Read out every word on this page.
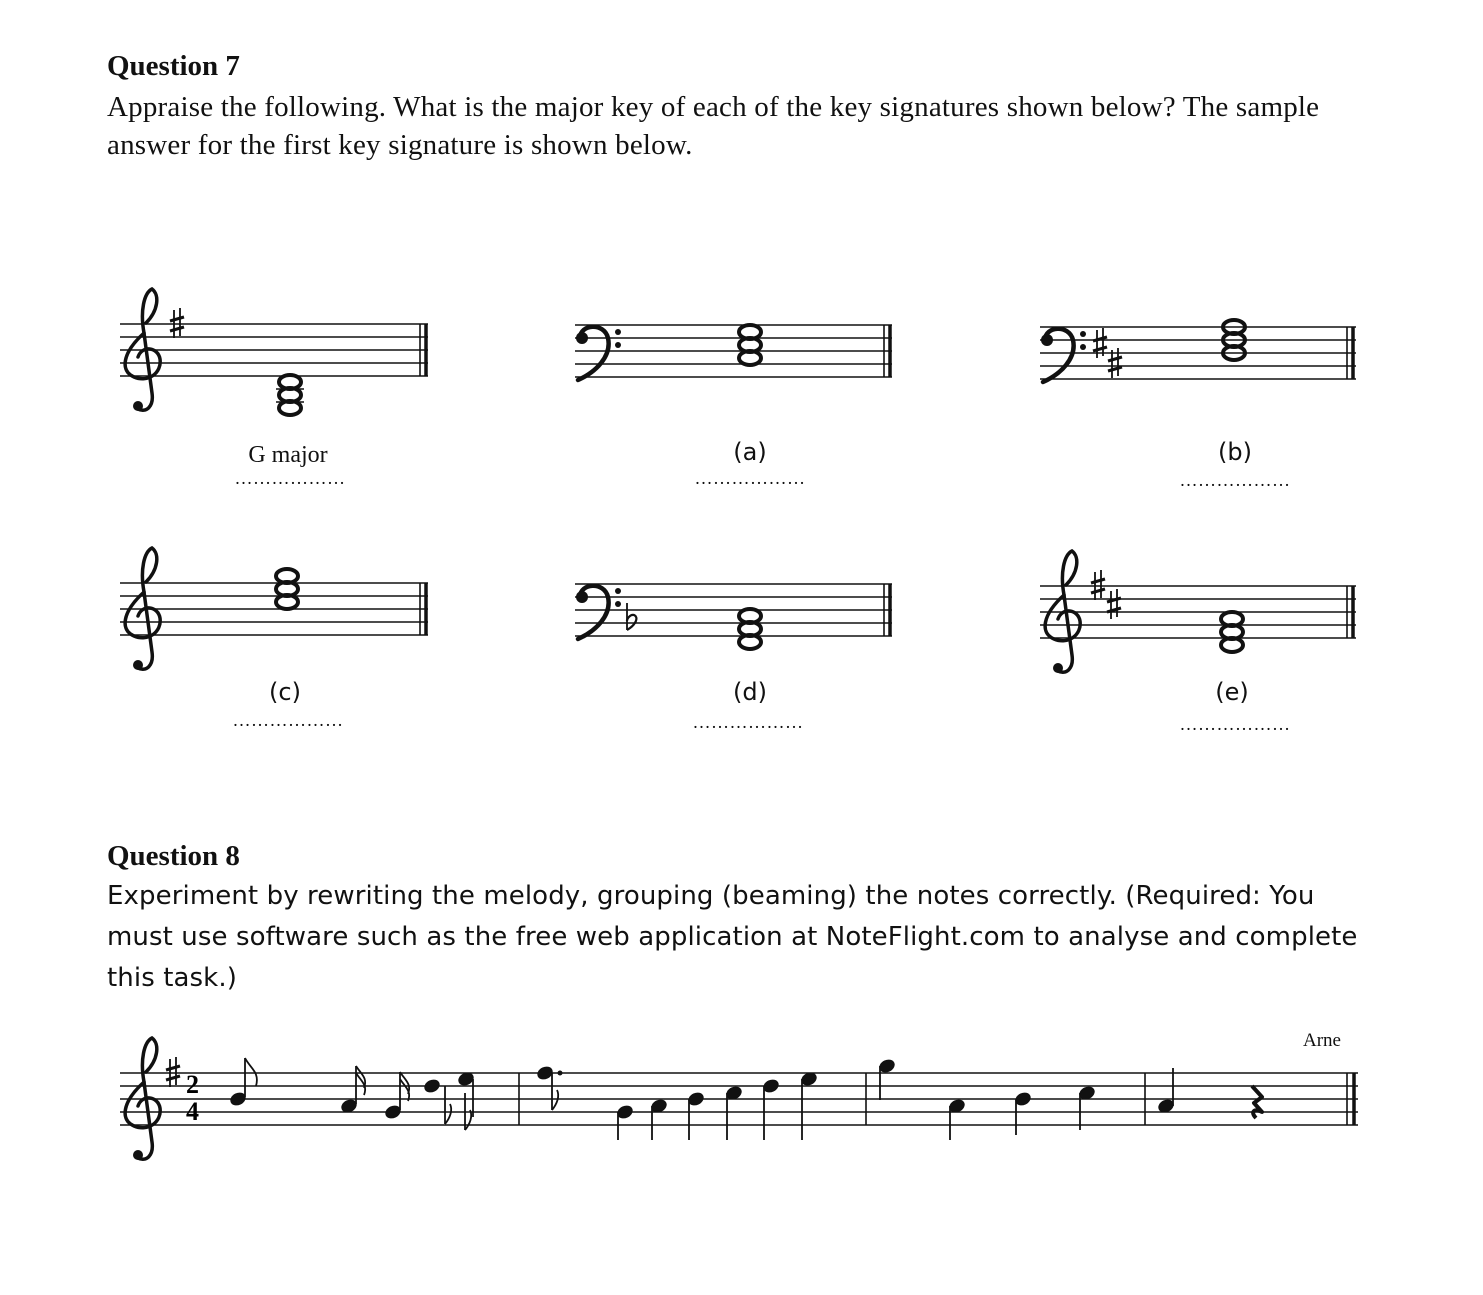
Question 7
Appraise the following. What is the major key of each of the key signatures shown below? The sample answer for the first key signature is shown below.
2
4
G major
………………
(a)
………………
(b)
………………
(c)
………………
(d)
………………
(e)
………………
Question 8
Experiment by rewriting the melody, grouping (beaming) the notes correctly. (Required: You must use software such as the free web application at NoteFlight.com to analyse and complete this task.)
Arne
